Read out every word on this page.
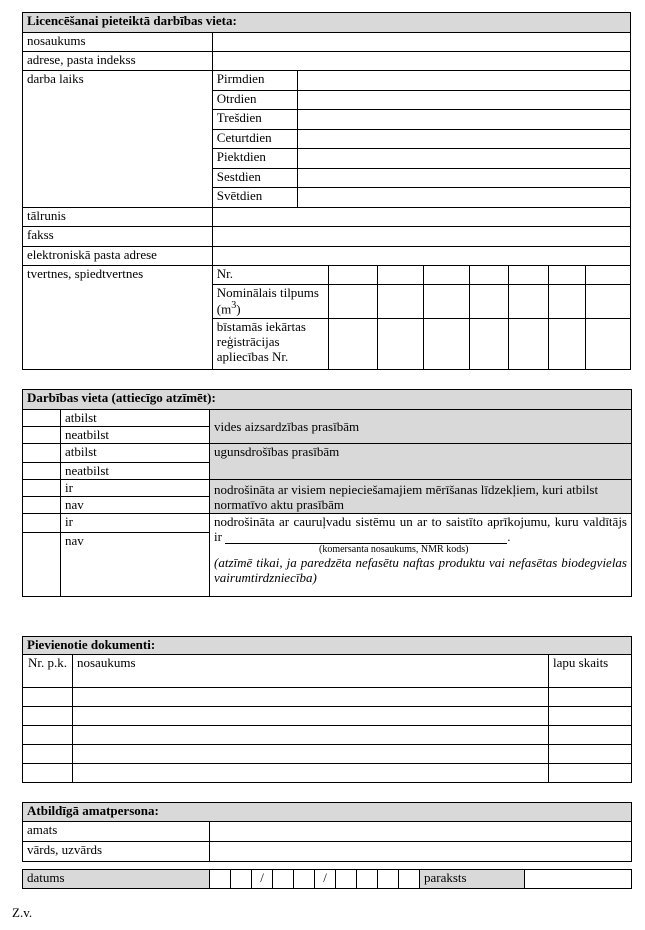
Licencēšanai pieteiktā darbības vieta:									
nosaukums									
adrese, pasta indekss									
darba laiks	Pirmdien								
	Otrdien								
	Trešdien								
	Ceturtdien								
	Piektdien								
	Sestdien								
	Svētdien								
tālrunis									
fakss									
elektroniskā pasta adrese									
tvertnes, spiedtvertnes	Nr.								
	Nominālais tilpums $(m^3)$								
	bīstamās iekārtas reģistrācijas apliecības Nr.								
Darbības vieta (attiecīgo atzīmēt):		
	atbilst	vides aizsardzības prasībām
	neatbilst	
	atbilst	ugunsdrošības prasībām
	neatbilst	
	ir	nodrošināta ar visiem nepieciešamajiem mērīšanas līdzekļiem, kuri atbilst normatīvo aktu prasībām
	nav	
	ir	nodrošināta ar cauruļvadu sistēmu un ar to saistīto aprīkojumu, kuru valdītājs ir .
(komersanta nosaukums, NMR kods)
(atzīmē tikai, ja paredzēta nefasētu naftas produktu vai nefasētas biodegvielas vairumtirdzniecība)

	nav	
Pievienotie dokumenti:		
Nr. p.k.	nosaukums	lapu skaits

Atbildīgā amatpersona:	
amats	
vārds, uzvārds	
datums			/			/					paraksts	
Z.v.
